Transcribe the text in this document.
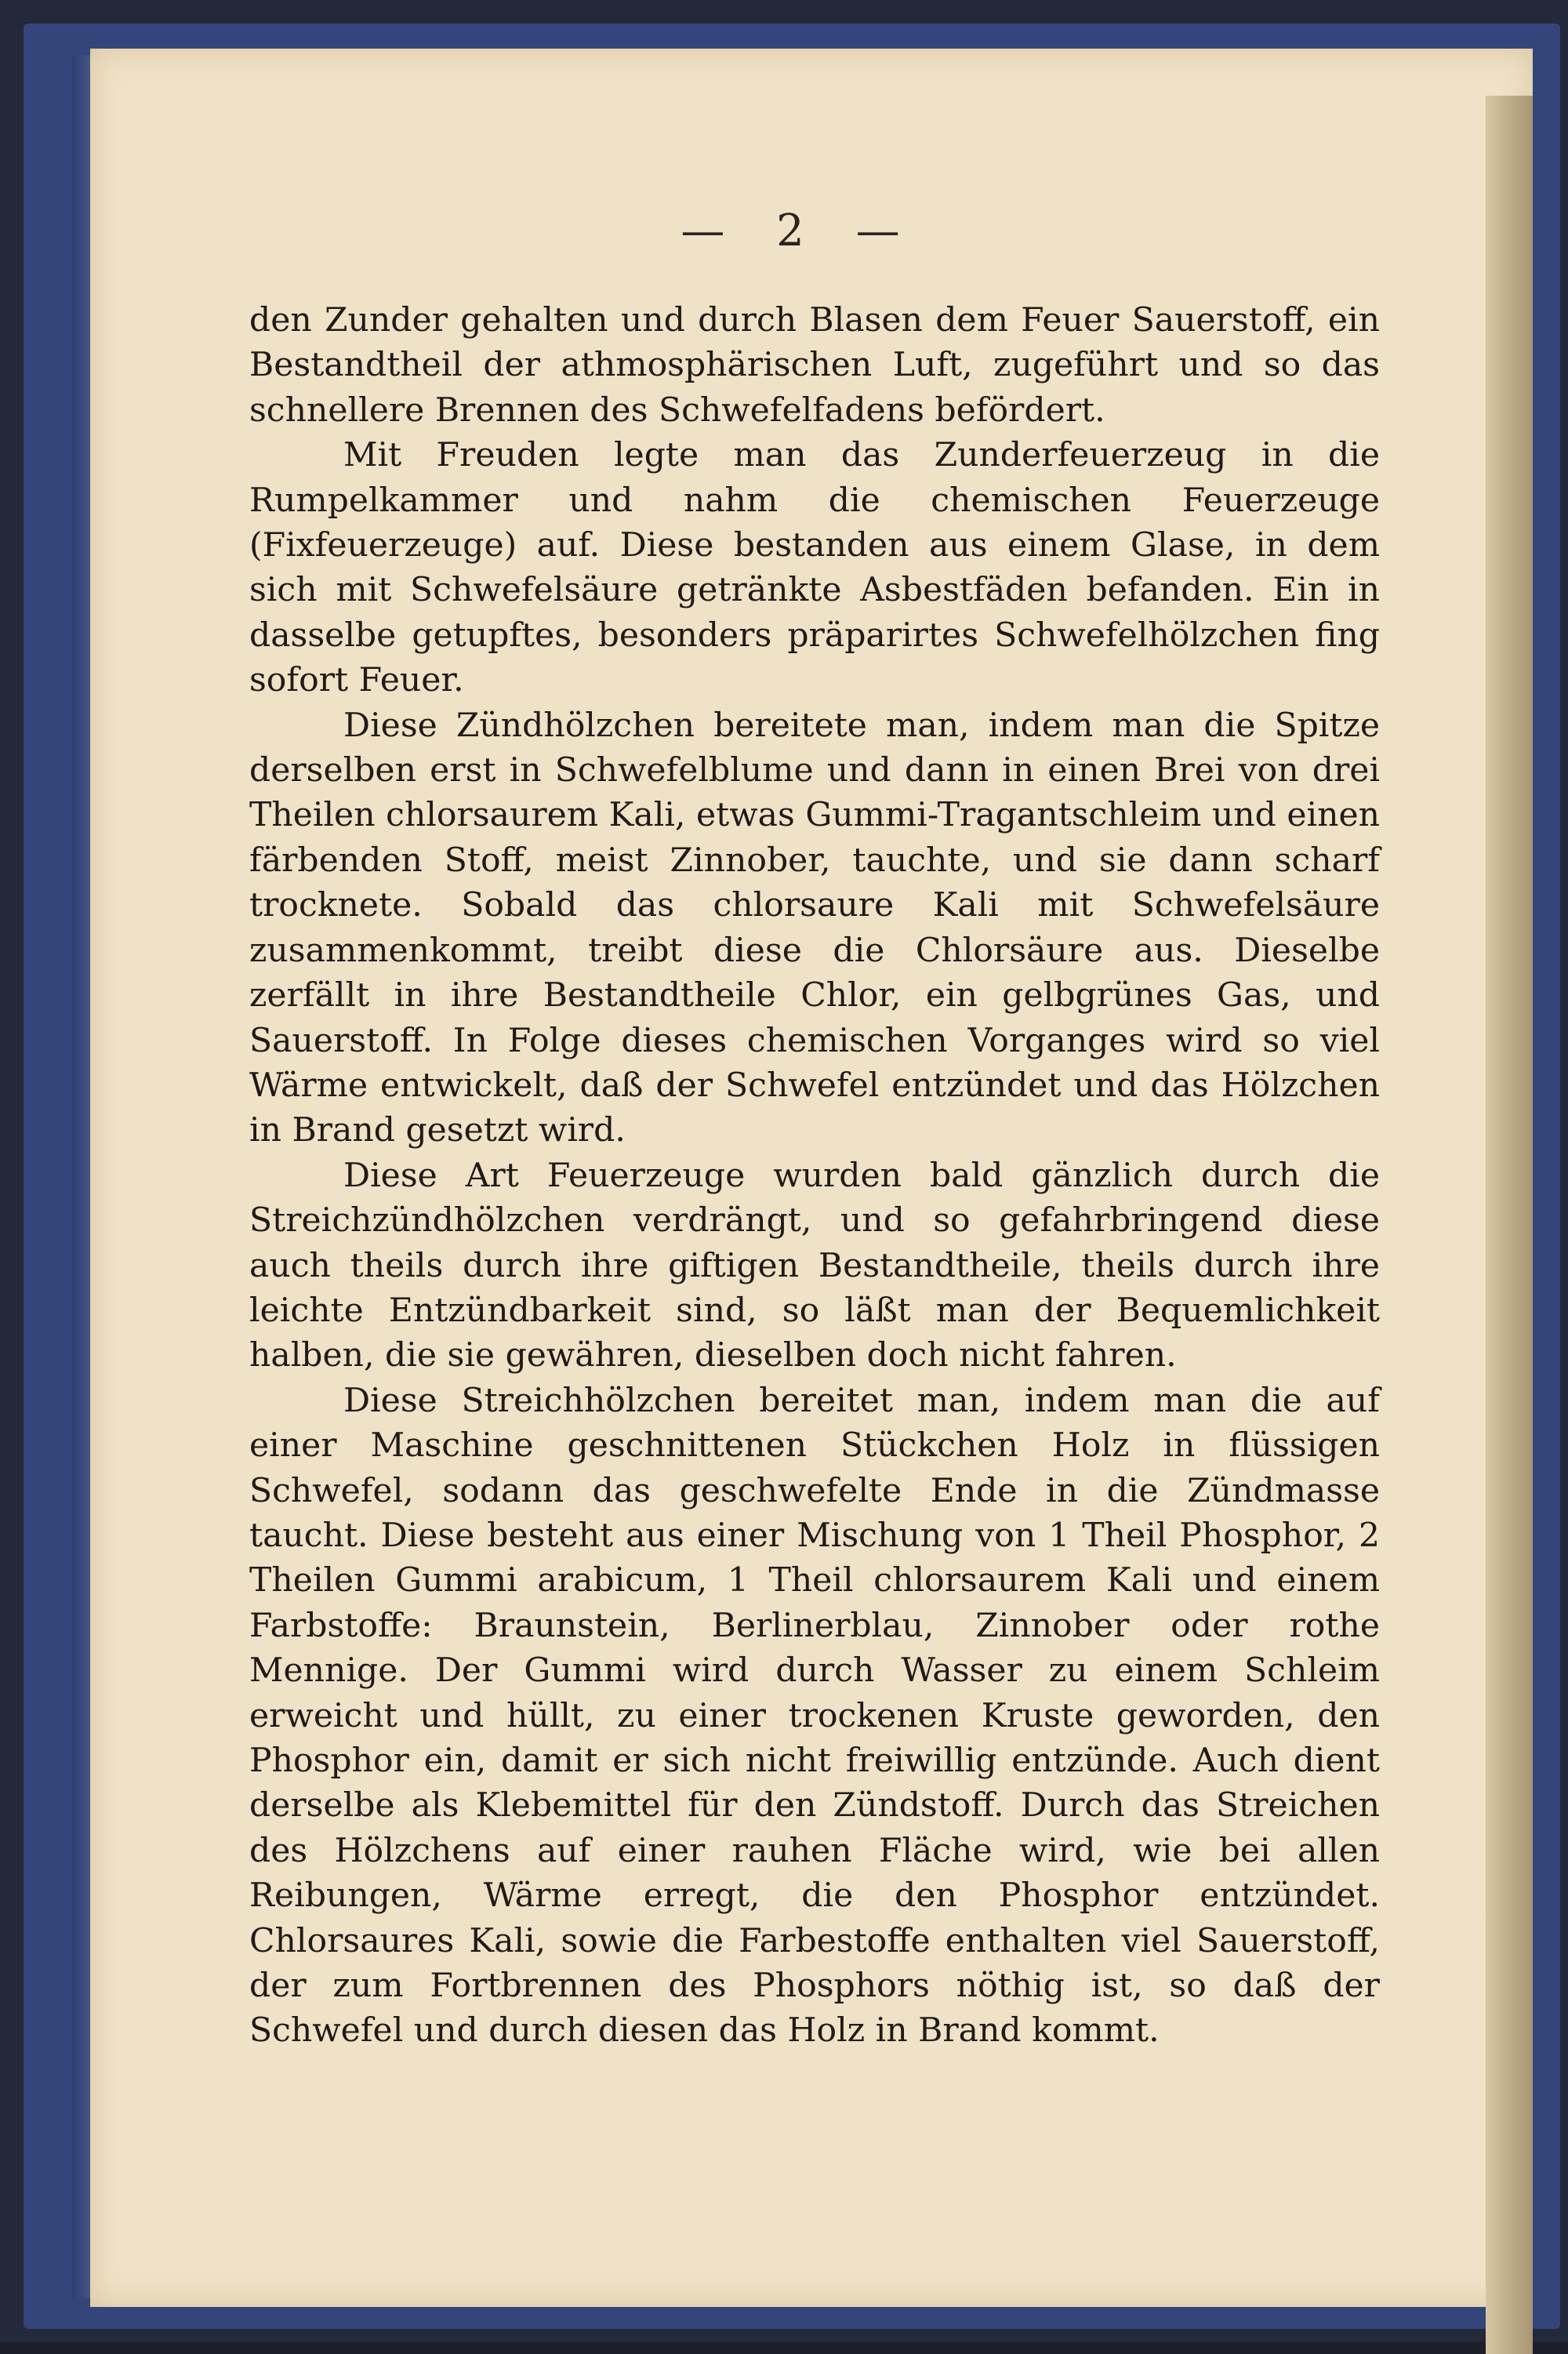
— 2 —

den Zunder gehalten und durch Blasen dem Feuer Sauerstoff, ein Bestandtheil der athmosphärischen Luft, zugeführt und so das schnellere Brennen des Schwefelfadens befördert.

Mit Freuden legte man das Zunderfeuerzeug in die Rumpelkammer und nahm die chemischen Feuerzeuge (Fixfeuerzeuge) auf. Diese bestanden aus einem Glase, in dem sich mit Schwefelsäure getränkte Asbestfäden befanden. Ein in dasselbe getupftes, besonders präparirtes Schwefelhölzchen fing sofort Feuer.

Diese Zündhölzchen bereitete man, indem man die Spitze derselben erst in Schwefelblume und dann in einen Brei von drei Theilen chlorsaurem Kali, etwas Gummi-Tragantschleim und einen färbenden Stoff, meist Zinnober, tauchte, und sie dann scharf trocknete. Sobald das chlorsaure Kali mit Schwefelsäure zusammenkommt, treibt diese die Chlorsäure aus. Dieselbe zerfällt in ihre Bestandtheile Chlor, ein gelbgrünes Gas, und Sauerstoff. In Folge dieses chemischen Vorganges wird so viel Wärme entwickelt, daß der Schwefel entzündet und das Hölzchen in Brand gesetzt wird.

Diese Art Feuerzeuge wurden bald gänzlich durch die Streichzündhölzchen verdrängt, und so gefahrbringend diese auch theils durch ihre giftigen Bestandtheile, theils durch ihre leichte Entzündbarkeit sind, so läßt man der Bequemlichkeit halben, die sie gewähren, dieselben doch nicht fahren.

Diese Streichhölzchen bereitet man, indem man die auf einer Maschine geschnittenen Stückchen Holz in flüssigen Schwefel, sodann das geschwefelte Ende in die Zündmasse taucht. Diese besteht aus einer Mischung von 1 Theil Phosphor, 2 Theilen Gummi arabicum, 1 Theil chlorsaurem Kali und einem Farbstoffe: Braunstein, Berlinerblau, Zinnober oder rothe Mennige. Der Gummi wird durch Wasser zu einem Schleim erweicht und hüllt, zu einer trockenen Kruste geworden, den Phosphor ein, damit er sich nicht freiwillig entzünde. Auch dient derselbe als Klebemittel für den Zündstoff. Durch das Streichen des Hölzchens auf einer rauhen Fläche wird, wie bei allen Reibungen, Wärme erregt, die den Phosphor entzündet. Chlorsaures Kali, sowie die Farbestoffe enthalten viel Sauerstoff, der zum Fortbrennen des Phosphors nöthig ist, so daß der Schwefel und durch diesen das Holz in Brand kommt.
